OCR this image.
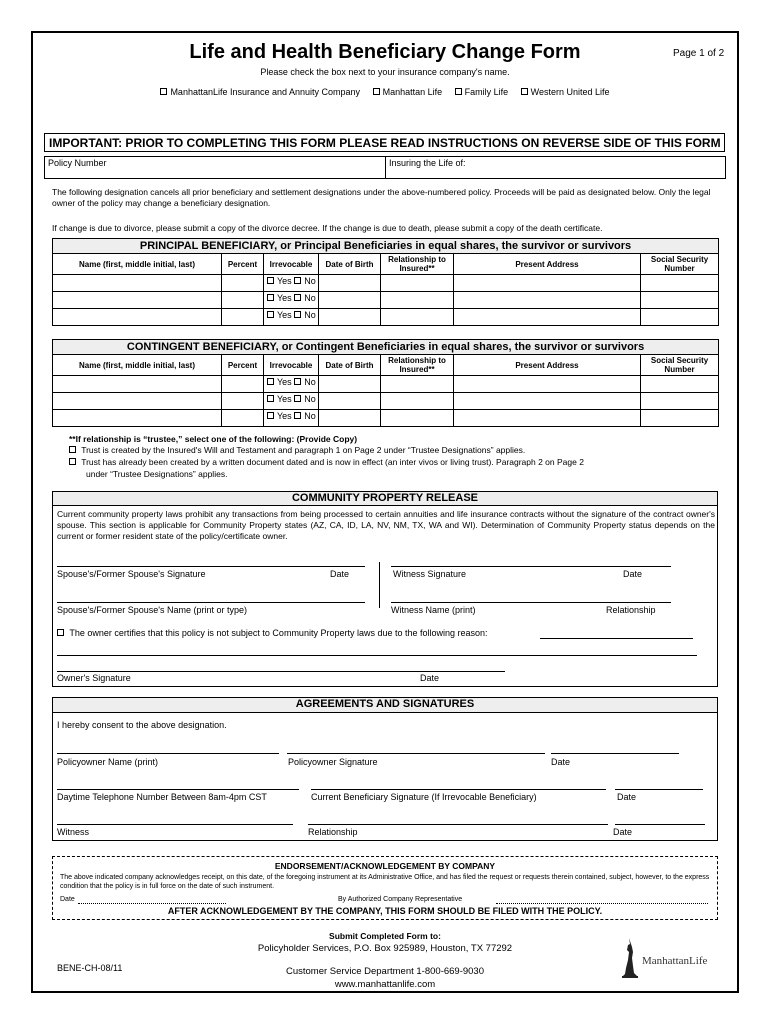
Life and Health Beneficiary Change Form	Page 1 of 2
Please check the box next to your insurance company's name.
ManhattanLife Insurance and Annuity Company	Manhattan Life	Family Life	Western United Life
IMPORTANT: PRIOR TO COMPLETING THIS FORM PLEASE READ INSTRUCTIONS ON REVERSE SIDE OF THIS FORM
Policy Number	Insuring the Life of:
The following designation cancels all prior beneficiary and settlement designations under the above-numbered policy. Proceeds will be paid as designated below. Only the legal owner of the policy may change a beneficiary designation.
If change is due to divorce, please submit a copy of the divorce decree. If the change is due to death, please submit a copy of the death certificate.
PRINCIPAL BENEFICIARY, or Principal Beneficiaries in equal shares, the survivor or survivors						
Name (first, middle initial, last)	Percent	Irrevocable	Date of Birth	Relationship to Insured**	Present Address	Social Security Number
		Yes No				
		Yes No				
		Yes No				
CONTINGENT BENEFICIARY, or Contingent Beneficiaries in equal shares, the survivor or survivors						
Name (first, middle initial, last)	Percent	Irrevocable	Date of Birth	Relationship to Insured**	Present Address	Social Security Number
		Yes No				
		Yes No				
		Yes No				
**If relationship is “trustee,” select one of the following: (Provide Copy)
Trust is created by the Insured's Will and Testament and paragraph 1 on Page 2 under “Trustee Designations” applies.
Trust has already been created by a written document dated and is now in effect (an inter vivos or living trust). Paragraph 2 on Page 2
under “Trustee Designations” applies.
COMMUNITY PROPERTY RELEASE
Current community property laws prohibit any transactions from being processed to certain annuities and life insurance contracts without the signature of the contract owner's spouse. This section is applicable for Community Property states (AZ, CA, ID, LA, NV, NM, TX, WA and WI). Determination of Community Property status depends on the current or former resident state of the policy/certificate owner.
Spouse's/Former Spouse's Signature	Date	Witness Signature	Date
Spouse's/Former Spouse's Name (print or type)	Witness Name (print)	Relationship
The owner certifies that this policy is not subject to Community Property laws due to the following reason:
Owner's Signature	Date
AGREEMENTS AND SIGNATURES
I hereby consent to the above designation.
Policyowner Name (print)	Policyowner Signature	Date
Daytime Telephone Number Between 8am-4pm CST	Current Beneficiary Signature (If Irrevocable Beneficiary)	Date
Witness	Relationship	Date
ENDORSEMENT/ACKNOWLEDGEMENT BY COMPANY
The above indicated company acknowledges receipt, on this date, of the foregoing instrument at its Administrative Office, and has filed the request or requests therein contained, subject, however, to the express condition that the policy is in full force on the date of such instrument.
Date	By Authorized Company Representative
AFTER ACKNOWLEDGEMENT BY THE COMPANY, THIS FORM SHOULD BE FILED WITH THE POLICY.
Submit Completed Form to:
Policyholder Services, P.O. Box 925989, Houston, TX 77292
BENE-CH-08/11	Customer Service Department 1-800-669-9030
www.manhattanlife.com
ManhattanLife
